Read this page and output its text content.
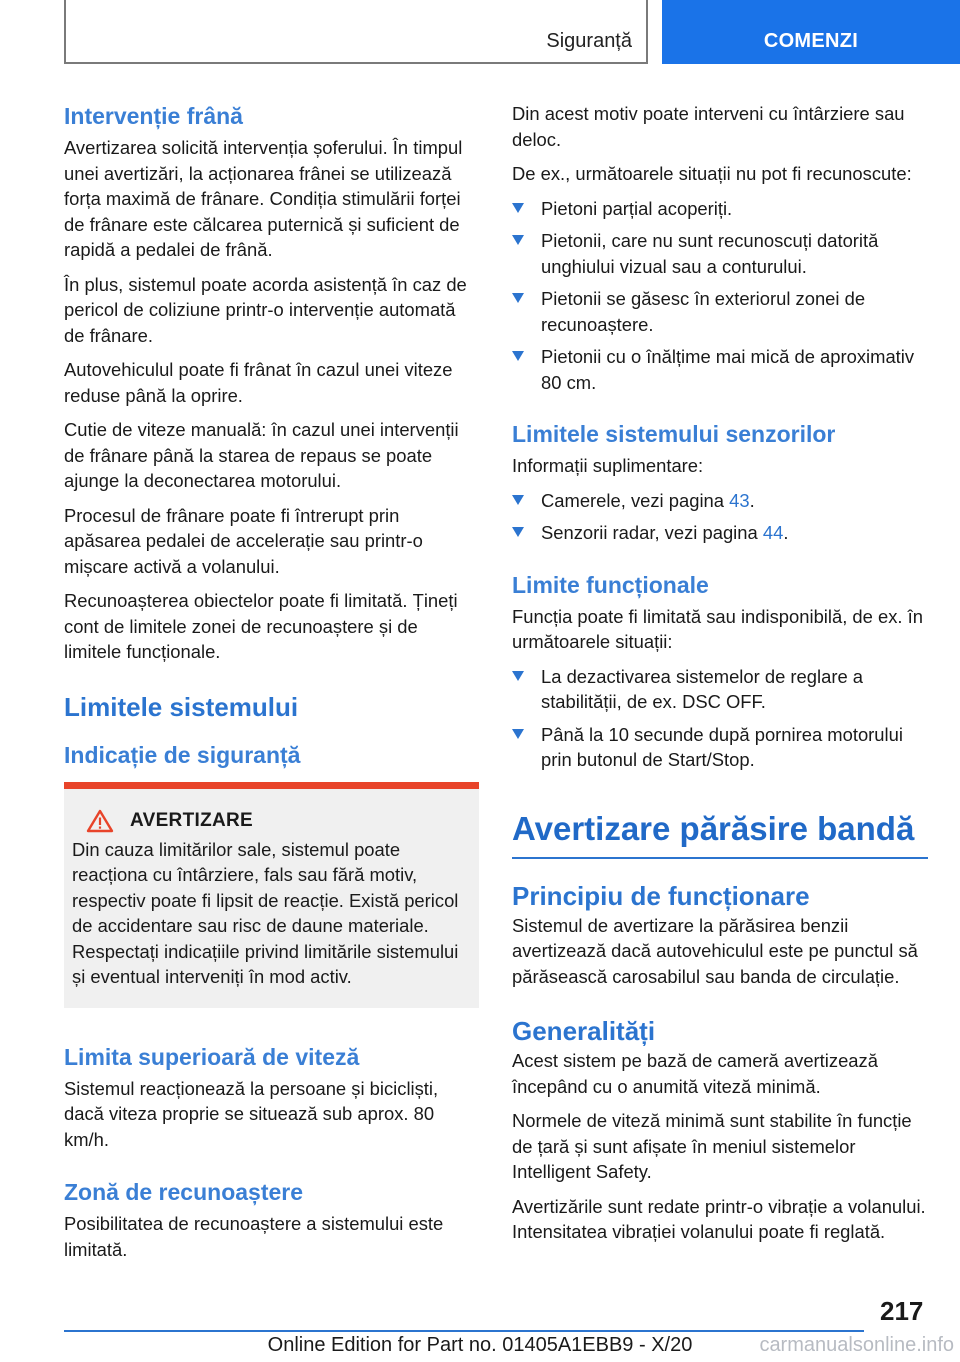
Siguranță	COMENZI
Intervenție frână

Avertizarea solicită intervenția șoferului. În timpul unei avertizări, la acționarea frânei se utilizează forța maximă de frânare. Condiția stimulării forței de frânare este călcarea puternică și suficient de rapidă a pedalei de frână.

În plus, sistemul poate acorda asistență în caz de pericol de coliziune printr-o intervenție automată de frânare.

Autovehiculul poate fi frânat în cazul unei viteze reduse până la oprire.

Cutie de viteze manuală: în cazul unei intervenții de frânare până la starea de repaus se poate ajunge la deconectarea motorului.

Procesul de frânare poate fi întrerupt prin apăsarea pedalei de accelerație sau printr-o mișcare activă a volanului.

Recunoașterea obiectelor poate fi limitată. Țineți cont de limitele zonei de recunoaștere și de limitele funcționale.

Limitele sistemului
Indicație de siguranță
AVERTIZARE

Din cauza limitărilor sale, sistemul poate reacționa cu întârziere, fals sau fără motiv, respectiv poate fi lipsit de reacție. Există pericol de accidentare sau risc de daune materiale. Respectați indicațiile privind limitările sistemului și eventual interveniți în mod activ.

Limita superioară de viteză

Sistemul reacționează la persoane și bicicliști, dacă viteza proprie se situează sub aprox. 80 km/h.

Zonă de recunoaștere

Posibilitatea de recunoaștere a sistemului este limitată.

Din acest motiv poate interveni cu întârziere sau deloc.

De ex., următoarele situații nu pot fi recunoscute:

Pietoni parțial acoperiți.
Pietonii, care nu sunt recunoscuți datorită unghiului vizual sau a conturului.
Pietonii se găsesc în exteriorul zonei de recunoaștere.
Pietonii cu o înălțime mai mică de aproximativ 80 cm.
Limitele sistemului senzorilor

Informații suplimentare:

Camerele, vezi pagina 43.
Senzorii radar, vezi pagina 44.
Limite funcționale

Funcția poate fi limitată sau indisponibilă, de ex. în următoarele situații:

La dezactivarea sistemelor de reglare a stabilității, de ex. DSC OFF.
Până la 10 secunde după pornirea motorului prin butonul de Start/Stop.
Avertizare părăsire bandă
Principiu de funcționare

Sistemul de avertizare la părăsirea benzii avertizează dacă autovehiculul este pe punctul să părăsească carosabilul sau banda de circulație.

Generalități

Acest sistem pe bază de cameră avertizează începând cu o anumită viteză minimă.

Normele de viteză minimă sunt stabilite în funcție de țară și sunt afișate în meniul sistemelor Intelligent Safety.

Avertizările sunt redate printr-o vibrație a volanului. Intensitatea vibrației volanului poate fi reglată.

217
Online Edition for Part no. 01405A1EBB9 - X/20	carmanualsonline.info
